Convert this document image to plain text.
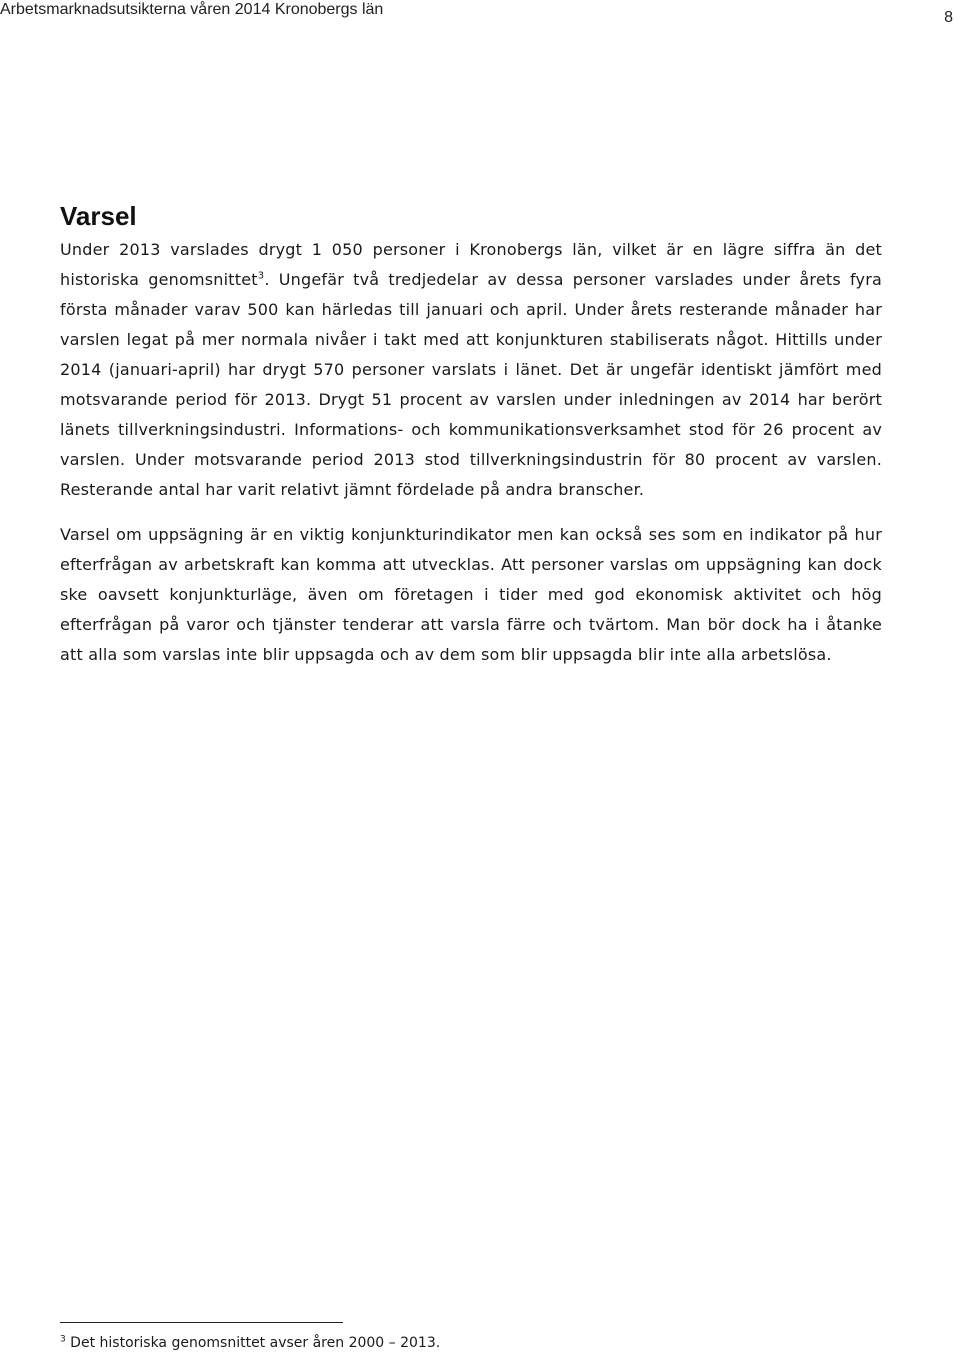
Arbetsmarknadsutsikterna våren 2014 Kronobergs län	8
Varsel

Under 2013 varslades drygt 1 050 personer i Kronobergs län, vilket är en lägre siffra än det historiska genomsnittet$^3$. Ungefär två tredjedelar av dessa personer varslades under årets fyra första månader varav 500 kan härledas till januari och april. Under årets resterande månader har varslen legat på mer normala nivåer i takt med att konjunkturen stabiliserats något. Hittills under 2014 (januari-april) har drygt 570 personer varslats i länet. Det är ungefär identiskt jämfört med motsvarande period för 2013. Drygt 51 procent av varslen under inledningen av 2014 har berört länets tillverkningsindustri. Informations- och kommunikationsverksamhet stod för 26 procent av varslen. Under motsvarande period 2013 stod tillverkningsindustrin för 80 procent av varslen. Resterande antal har varit relativt jämnt fördelade på andra branscher.

Varsel om uppsägning är en viktig konjunkturindikator men kan också ses som en indikator på hur efterfrågan av arbetskraft kan komma att utvecklas. Att personer varslas om uppsägning kan dock ske oavsett konjunkturläge, även om företagen i tider med god ekonomisk aktivitet och hög efterfrågan på varor och tjänster tenderar att varsla färre och tvärtom. Man bör dock ha i åtanke att alla som varslas inte blir uppsagda och av dem som blir uppsagda blir inte alla arbetslösa.

$^3$ Det historiska genomsnittet avser åren 2000 – 2013.
